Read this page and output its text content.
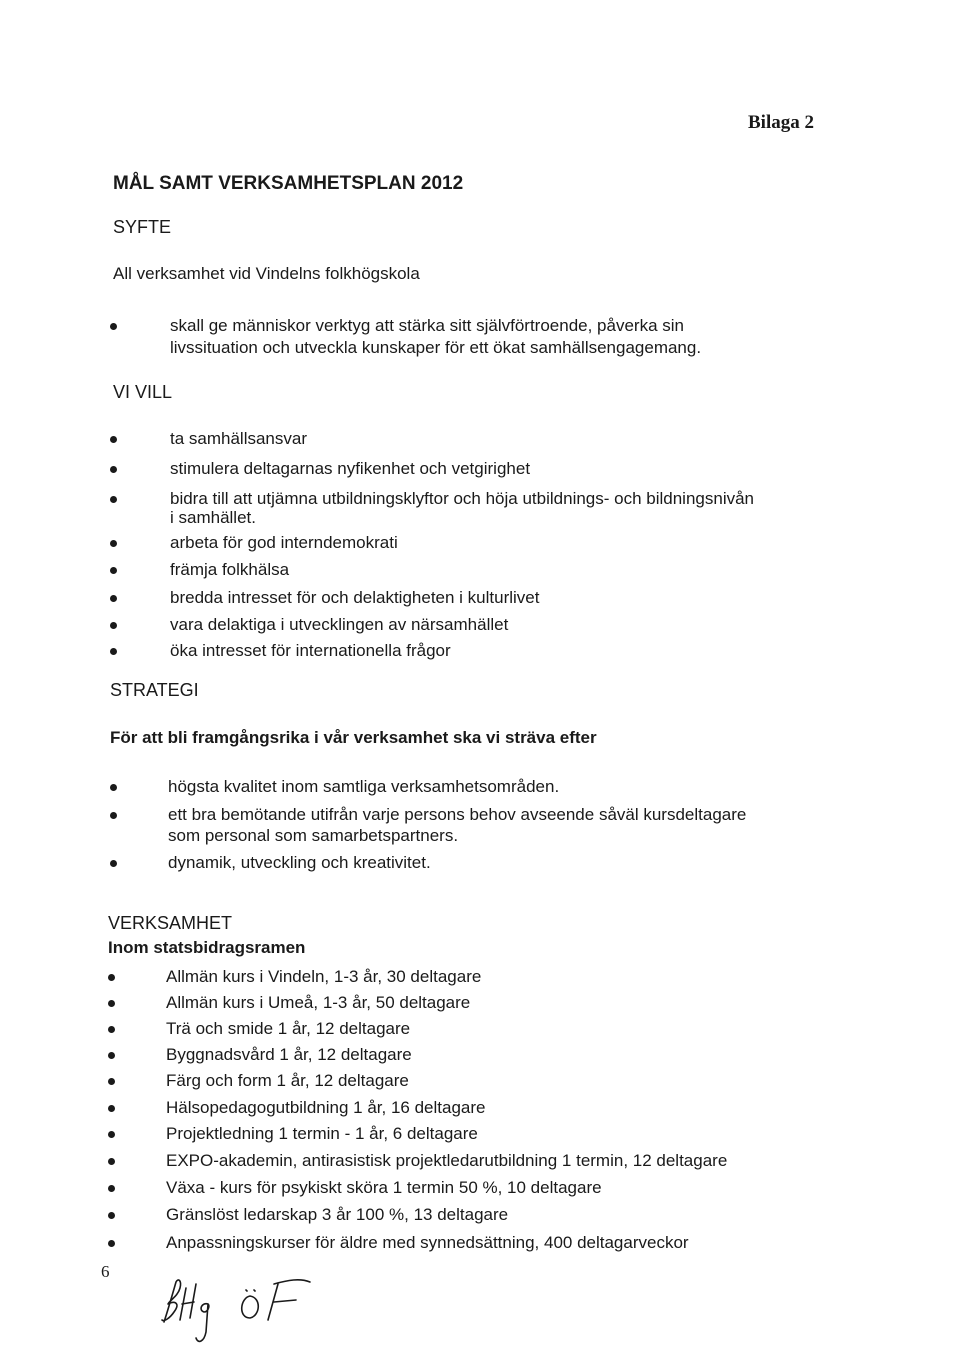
Bilaga 2
MÅL SAMT VERKSAMHETSPLAN 2012
SYFTE
All verksamhet vid Vindelns folkhögskola
skall ge människor verktyg att stärka sitt självförtroende, påverka sin
livssituation och utveckla kunskaper för ett ökat samhällsengagemang.
VI VILL
ta samhällsansvar
stimulera deltagarnas nyfikenhet och vetgirighet
bidra till att utjämna utbildningsklyftor och höja utbildnings- och bildningsnivån
i samhället.
arbeta för god interndemokrati
främja folkhälsa
bredda intresset för och delaktigheten i kulturlivet
vara delaktiga i utvecklingen av närsamhället
öka intresset för internationella frågor
STRATEGI
För att bli framgångsrika i vår verksamhet ska vi sträva efter
högsta kvalitet inom samtliga verksamhetsområden.
ett bra bemötande utifrån varje persons behov avseende såväl kursdeltagare
som personal som samarbetspartners.
dynamik, utveckling och kreativitet.
VERKSAMHET
Inom statsbidragsramen
Allmän kurs i Vindeln, 1-3 år, 30 deltagare
Allmän kurs i Umeå, 1-3 år, 50 deltagare
Trä och smide 1 år, 12 deltagare
Byggnadsvård 1 år, 12 deltagare
Färg och form 1 år, 12 deltagare
Hälsopedagogutbildning 1 år, 16 deltagare
Projektledning 1 termin - 1 år, 6 deltagare
EXPO-akademin, antirasistisk projektledarutbildning 1 termin, 12 deltagare
Växa - kurs för psykiskt sköra 1 termin 50 %, 10 deltagare
Gränslöst ledarskap 3 år 100 %, 13 deltagare
Anpassningskurser för äldre med synnedsättning, 400 deltagarveckor
6
